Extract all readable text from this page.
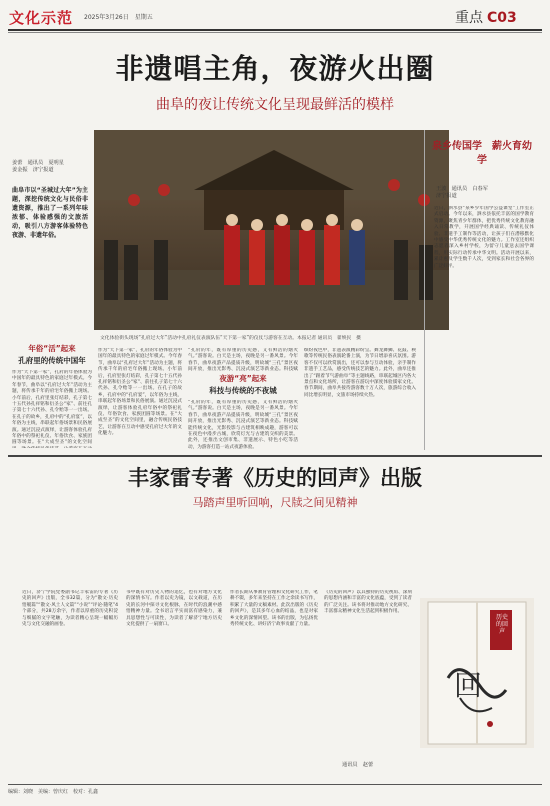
文化示范 2025年3月26日　星期五	重点 C03
非遗唱主角，夜游火出圈
曲阜的夜让传统文化呈现最鲜活的模样
姜蕾　通讯员　夏明星
姜金振　济宁报道
曲阜市以“圣城过大年”为主题，深挖传统文化与民俗非遗资源，推出了一系列年味浓郁、体验感强的文旅活动，吸引八方游客体验特色夜游、非遗年俗。
文化体验街头现场“孔府过大年”活动中孔府礼仪表演队伍“天下第一家”的仪仗与游客在互动。本报记者 通讯员　翟焕民　摄
年俗“活”起来
孔府里的传统中国年
作为“天下第一家”，孔府的年俗体验为中国年的最具特色的家庭过年模式。今年春节，曲阜以“孔府过大年”活动为主题，将传承千年的府宅年俗搬上现场。小年前后，孔府里张灯结彩，孔子第七十五代孙孔祥铭和衍圣公“家”、前往孔子第七十六代孙、孔令贻等一一出场。在孔子的故乡，孔府中的“孔府宴”，以年俗为主线，串联起年俗场景和民俗展演。通过沉浸式演绎，让游客体验孔府年俗中的祭祀礼仪、年俗饮食、家族团圆等场景。在“大成至圣”的文化空间
作为“天下第一家”，孔府的年俗体验为中国年的最具特色的家庭过年模式。今年春节，曲阜以“孔府过大年”活动为主题，将传承千年的府宅年俗搬上现场。小年前后，孔府里张灯结彩，孔子第七十五代孙孔祥铭和衍圣公“家”、前往孔子第七十六代孙、孔令贻等一一出场。在孔子的故乡，孔府中的“孔府宴”，以年俗为主线，串联起年俗场景和民俗展演。通过沉浸式演绎，让游客体验孔府年俗中的祭祀礼仪、年俗饮食、家族团圆等场景。在“大成至圣”的文化空间里，融合传统民俗技艺，让游客在互动中感受孔府过大年的文化魅力。
“孔府的年，既有厚重的历史感，又有鲜活的烟火气。”游客说。白天是主场，夜晚是另一番风景。今年春节，曲阜夜游产品提质升级，明故城“三孔”景区夜间开放，推出光影秀、沉浸式演艺等新业态。科技赋
夜游“亮”起来
科技与传统的不夜城
“孔府的年，既有厚重的历史感，又有鲜活的烟火气。”游客说。白天是主场，夜晚是另一番风景。今年春节，曲阜夜游产品提质升级，明故城“三孔”景区夜间开放，推出光影秀、沉浸式演艺等新业态。科技赋能传统文化，光影投影与古建筑相映成趣，游客可以在夜色中漫步古城，欣赏灯光与古建筑交织的美景。此外，还推出文创市集、非遗展示、特色小吃等活动，为游客打造一站式夜游体验。
缤纷夜色中，非遗表演精彩纷呈。舞龙舞狮、花鼓、秧歌等传统民俗表演轮番上演，为节日增添喜庆氛围。游客不仅可以欣赏演出，还可以参与互动体验，亲手制作非遗手工艺品，感受传统技艺的魅力。此外，曲阜还推出了“跟着节气游曲阜”等主题线路，串联起城区内各大景点和文化场所，让游客在游玩中深度体验儒家文化。春节期间，曲阜共接待游客数十万人次，旅游综合收入同比增长明显，文旅市场持续火热。
泉乡传国学　薪火育幼学
王波　通讯员　白春军
济宁报道
近日，泗水县“泉乡少年国学公益课堂”工作室正式启动。今年以来，泗水县依托丰富的国学教育资源，聚焦青少年群体，把优秀传统文化教育融入日常教学，开展国学经典诵读、传统礼仪体验、非遗手工制作等活动，让孩子们在潜移默化中感受中华优秀传统文化的魅力。工作室还组织志愿者深入乡村学校，为留守儿童送去国学课程，用实际行动传承中华文明。活动开展以来，累计惠及学生数千人次，受到家长和社会各界的广泛好评。
丰家雷专著《历史的回声》出版
马踏声里听回响，尺牍之间见精神
近日，济宁学院党委副书记丰家雷的专著《历史的回声》出版，全书32篇，分为“散文·历史悟履篇”“散文·风土人文篇”“小说”“评论·随笔”4个部分，共28万余字，作者以厚重的历史积淀与细腻的文字笔触，为读者精心呈现一幅幅历史与文化交融的画卷。
书中既有对历史人物的追忆，也有对地方文化的深情书写。作者以史为镜，以文载道，在历史的长河中探寻文化根脉，在时代的浪潮中感悟精神力量。全书语言平实而富有感染力，兼具思想性与可读性，为读者了解济宁地方历史文化提供了一扇窗口。
作者长期从事教育管理和文化研究工作，笔耕不辍，多年来坚持在工作之余读书写作，积累了大量的文稿素材。此次出版的《历史的回声》，是其多年心血的结晶，也是对家乡文化的深情回望。该书的出版，为弘扬优秀传统文化、讲好济宁故事贡献了力量。
《历史的回声》以其独特的历史视角、深刻的思想内涵和丰富的文化底蕴，受到了读者的广泛关注。该书将对推动地方文化研究、丰富群众精神文化生活起到积极作用。
通讯员　赵蕾
历史的回声
回
编辑：刘晓　美编：曾庆红　校对：孔鑫
